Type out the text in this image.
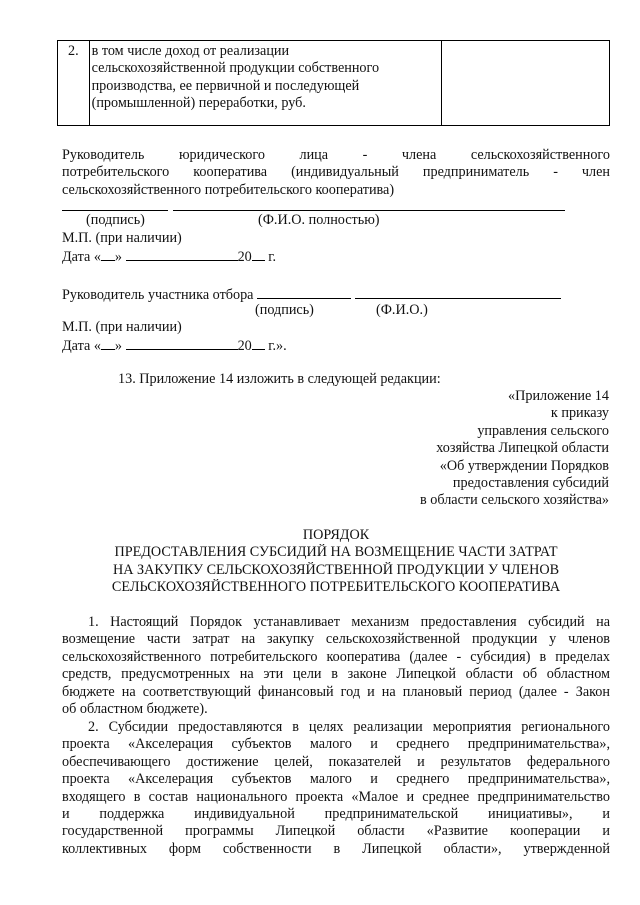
2.	в том числе доход от реализации
сельскохозяйственной продукции собственного
производства, ее первичной и последующей
(промышленной) переработки, руб.

Руководитель юридического лица - члена сельскохозяйственного
потребительского кооператива (индивидуальный предприниматель - член
сельскохозяйственного потребительского кооператива)
(подпись)	(Ф.И.О. полностью)
М.П. (при наличии)
Дата « »	20 г.
Руководитель участника отбора
(подпись)	(Ф.И.О.)
М.П. (при наличии)
Дата « »	20 г.».
13. Приложение 14 изложить в следующей редакции:
«Приложение 14
к приказу
управления сельского
хозяйства Липецкой области
«Об утверждении Порядков
предоставления субсидий
в области сельского хозяйства»
ПОРЯДОК
ПРЕДОСТАВЛЕНИЯ СУБСИДИЙ НА ВОЗМЕЩЕНИЕ ЧАСТИ ЗАТРАТ
НА ЗАКУПКУ СЕЛЬСКОХОЗЯЙСТВЕННОЙ ПРОДУКЦИИ У ЧЛЕНОВ
СЕЛЬСКОХОЗЯЙСТВЕННОГО ПОТРЕБИТЕЛЬСКОГО КООПЕРАТИВА
1. Настоящий Порядок устанавливает механизм предоставления субсидий на
возмещение части затрат на закупку сельскохозяйственной продукции у членов
сельскохозяйственного потребительского кооператива (далее - субсидия) в пределах
средств, предусмотренных на эти цели в законе Липецкой области об областном
бюджете на соответствующий финансовый год и на плановый период (далее - Закон
об областном бюджете).
2. Субсидии предоставляются в целях реализации мероприятия регионального
проекта «Акселерация субъектов малого и среднего предпринимательства»,
обеспечивающего достижение целей, показателей и результатов федерального
проекта «Акселерация субъектов малого и среднего предпринимательства»,
входящего в состав национального проекта «Малое и среднее предпринимательство
и поддержка индивидуальной предпринимательской инициативы», и
государственной программы Липецкой области «Развитие кооперации и
коллективных форм собственности в Липецкой области», утвержденной
